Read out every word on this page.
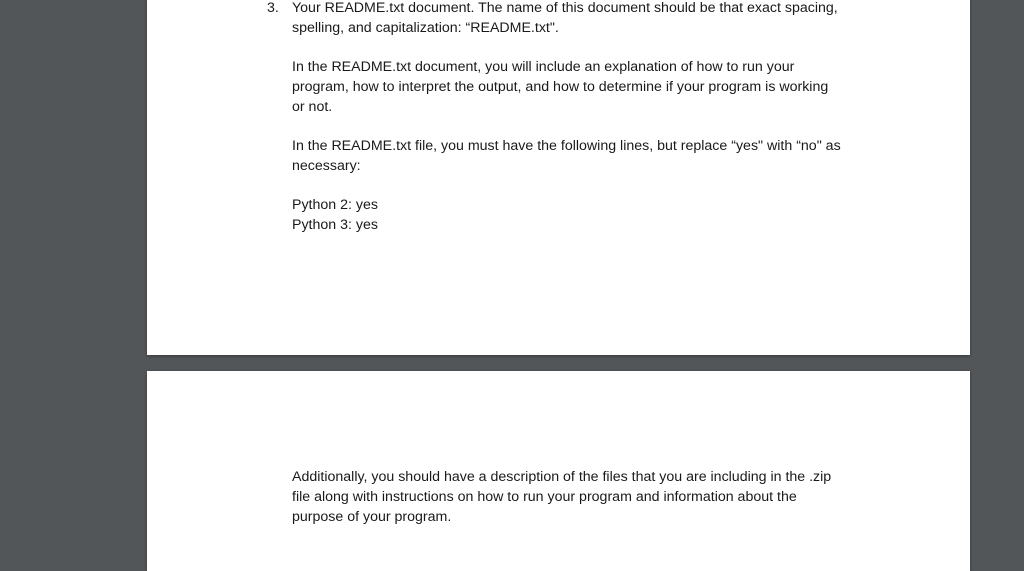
3. Your README.txt document. The name of this document should be that exact spacing,

spelling, and capitalization: “README.txt".

In the README.txt document, you will include an explanation of how to run your

program, how to interpret the output, and how to determine if your program is working

or not.

In the README.txt file, you must have the following lines, but replace “yes" with “no" as

necessary:

Python 2: yes

Python 3: yes

Additionally, you should have a description of the files that you are including in the .zip

file along with instructions on how to run your program and information about the

purpose of your program.
